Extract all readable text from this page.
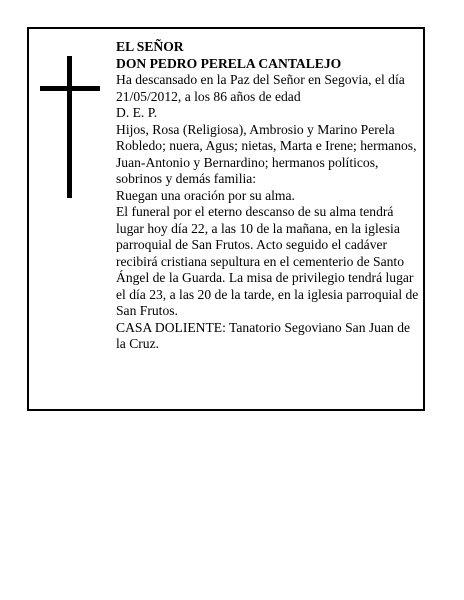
EL SEÑOR

DON PEDRO PERELA CANTALEJO

Ha descansado en la Paz del Señor en Segovia, el día 21/05/2012, a los 86 años de edad

D. E. P.

Hijos, Rosa (Religiosa), Ambrosio y Marino Perela Robledo; nuera, Agus; nietas, Marta e Irene; hermanos, Juan-Antonio y Bernardino; hermanos políticos, sobrinos y demás familia:

Ruegan una oración por su alma.

El funeral por el eterno descanso de su alma tendrá lugar hoy día 22, a las 10 de la mañana, en la iglesia parroquial de San Frutos. Acto seguido el cadáver recibirá cristiana sepultura en el cementerio de Santo Ángel de la Guarda. La misa de privilegio tendrá lugar el día 23, a las 20 de la tarde, en la iglesia parroquial de San Frutos.

CASA DOLIENTE: Tanatorio Segoviano San Juan de la Cruz.
